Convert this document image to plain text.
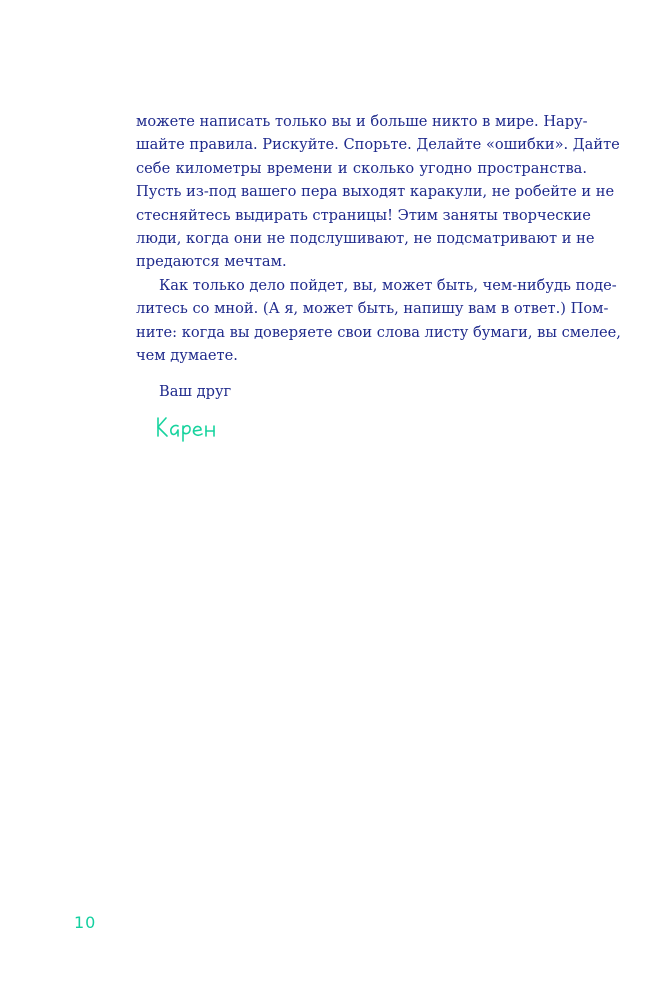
можете написать только вы и больше никто в мире. Нару-
шайте правила. Рискуйте. Спорьте. Делайте «ошибки». Дайте
себе километры времени и сколько угодно пространства.
Пусть из-под вашего пера выходят каракули, не робейте и не
стесняйтесь выдирать страницы! Этим заняты творческие
люди, когда они не подслушивают, не подсматривают и не
предаются мечтам.
Как только дело пойдет, вы, может быть, чем-нибудь поде-
литесь со мной. (А я, может быть, напишу вам в ответ.) Пом-
ните: когда вы доверяете свои слова листу бумаги, вы смелее,
чем думаете.
Ваш друг
10
